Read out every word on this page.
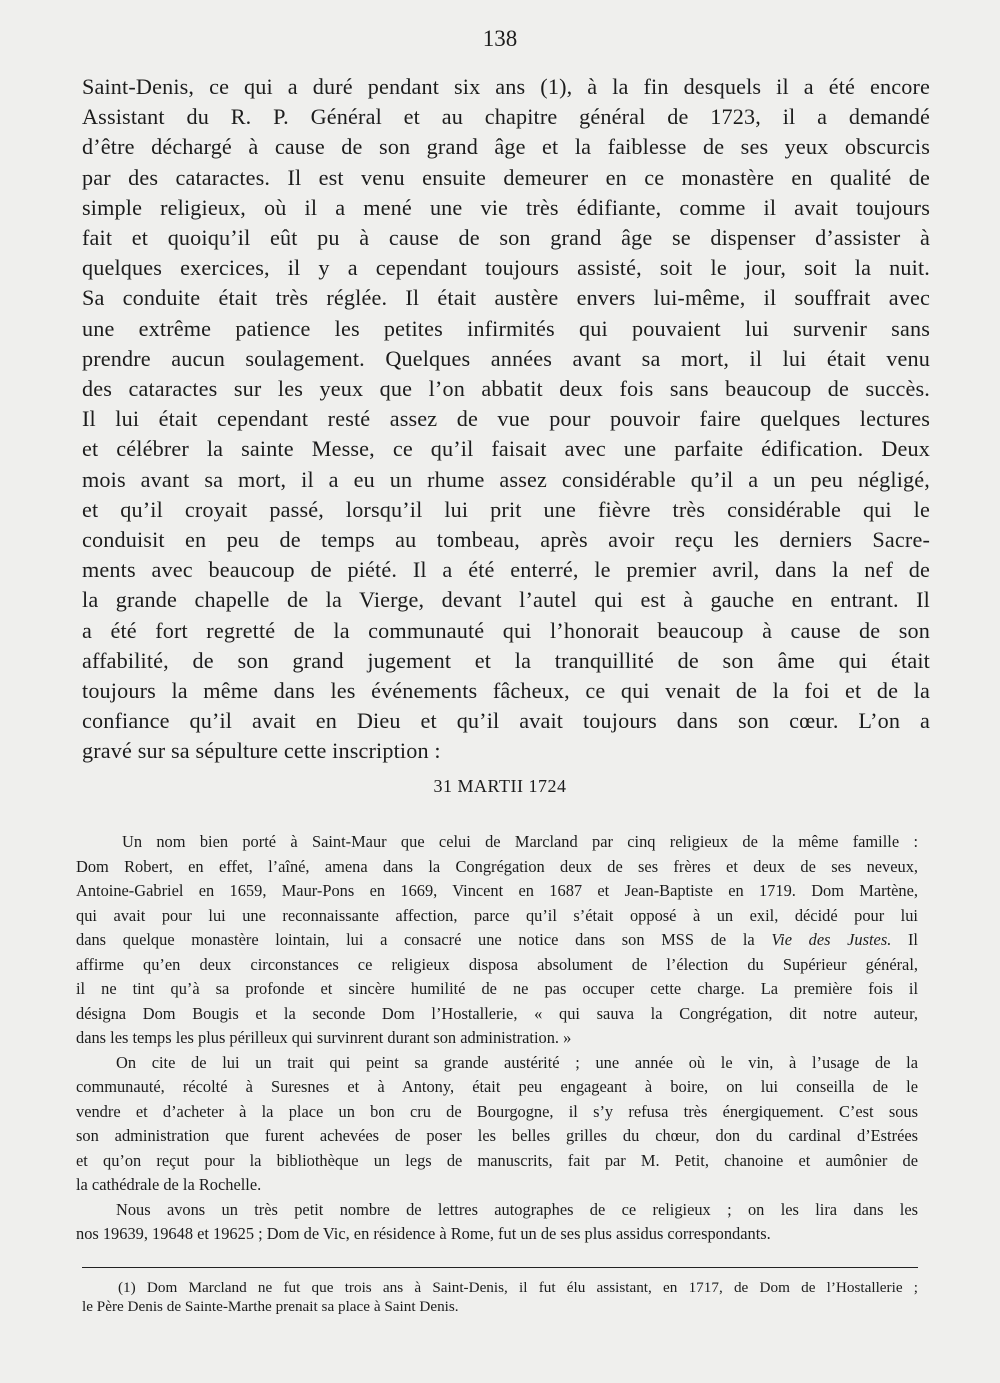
138
Saint-Denis, ce qui a duré pendant six ans (1), à la fin desquels il a été encore
Assistant du R. P. Général et au chapitre général de 1723, il a demandé
d’être déchargé à cause de son grand âge et la faiblesse de ses yeux obscurcis
par des cataractes. Il est venu ensuite demeurer en ce monastère en qualité de
simple religieux, où il a mené une vie très édifiante, comme il avait toujours
fait et quoiqu’il eût pu à cause de son grand âge se dispenser d’assister à
quelques exercices, il y a cependant toujours assisté, soit le jour, soit la nuit.
Sa conduite était très réglée. Il était austère envers lui-même, il souffrait avec
une extrême patience les petites infirmités qui pouvaient lui survenir sans
prendre aucun soulagement. Quelques années avant sa mort, il lui était venu
des cataractes sur les yeux que l’on abbatit deux fois sans beaucoup de succès.
Il lui était cependant resté assez de vue pour pouvoir faire quelques lectures
et célébrer la sainte Messe, ce qu’il faisait avec une parfaite édification. Deux
mois avant sa mort, il a eu un rhume assez considérable qu’il a un peu négligé,
et qu’il croyait passé, lorsqu’il lui prit une fièvre très considérable qui le
conduisit en peu de temps au tombeau, après avoir reçu les derniers Sacre-
ments avec beaucoup de piété. Il a été enterré, le premier avril, dans la nef de
la grande chapelle de la Vierge, devant l’autel qui est à gauche en entrant. Il
a été fort regretté de la communauté qui l’honorait beaucoup à cause de son
affabilité, de son grand jugement et la tranquillité de son âme qui était
toujours la même dans les événements fâcheux, ce qui venait de la foi et de la
confiance qu’il avait en Dieu et qu’il avait toujours dans son cœur. L’on a
gravé sur sa sépulture cette inscription :
31 MARTII 1724
Un nom bien porté à Saint-Maur que celui de Marcland par cinq religieux de la même famille :
Dom Robert, en effet, l’aîné, amena dans la Congrégation deux de ses frères et deux de ses neveux,
Antoine-Gabriel en 1659, Maur-Pons en 1669, Vincent en 1687 et Jean-Baptiste en 1719. Dom Martène,
qui avait pour lui une reconnaissante affection, parce qu’il s’était opposé à un exil, décidé pour lui
dans quelque monastère lointain, lui a consacré une notice dans son MSS de la Vie des Justes. Il
affirme qu’en deux circonstances ce religieux disposa absolument de l’élection du Supérieur général,
il ne tint qu’à sa profonde et sincère humilité de ne pas occuper cette charge. La première fois il
désigna Dom Bougis et la seconde Dom l’Hostallerie, « qui sauva la Congrégation, dit notre auteur,
dans les temps les plus périlleux qui survinrent durant son administration. »
On cite de lui un trait qui peint sa grande austérité ; une année où le vin, à l’usage de la
communauté, récolté à Suresnes et à Antony, était peu engageant à boire, on lui conseilla de le
vendre et d’acheter à la place un bon cru de Bourgogne, il s’y refusa très énergiquement. C’est sous
son administration que furent achevées de poser les belles grilles du chœur, don du cardinal d’Estrées
et qu’on reçut pour la bibliothèque un legs de manuscrits, fait par M. Petit, chanoine et aumônier de
la cathédrale de la Rochelle.
Nous avons un très petit nombre de lettres autographes de ce religieux ; on les lira dans les
nos 19639, 19648 et 19625 ; Dom de Vic, en résidence à Rome, fut un de ses plus assidus correspondants.
(1) Dom Marcland ne fut que trois ans à Saint-Denis, il fut élu assistant, en 1717, de Dom de l’Hostallerie ;
le Père Denis de Sainte-Marthe prenait sa place à Saint Denis.
